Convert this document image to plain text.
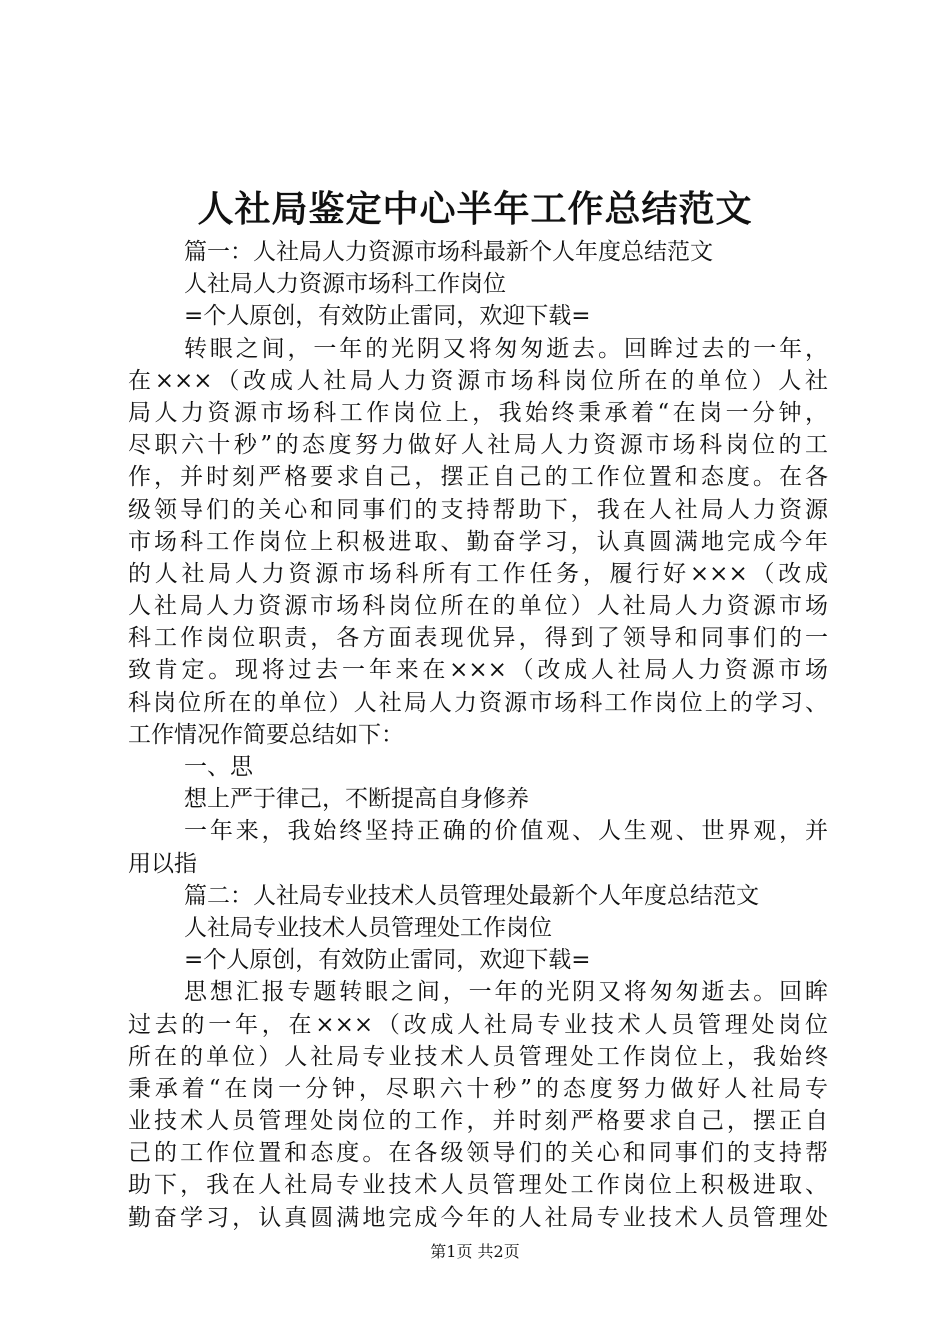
人社局鉴定中心半年工作总结范文
篇一：人社局人力资源市场科最新个人年度总结范文
人社局人力资源市场科工作岗位
=个人原创，有效防止雷同，欢迎下载=
转眼之间，一年的光阴又将匆匆逝去。回眸过去的一年，
在×××（改成人社局人力资源市场科岗位所在的单位）人社
局人力资源市场科工作岗位上，我始终秉承着“在岗一分钟，
尽职六十秒”的态度努力做好人社局人力资源市场科岗位的工
作，并时刻严格要求自己，摆正自己的工作位置和态度。在各
级领导们的关心和同事们的支持帮助下，我在人社局人力资源
市场科工作岗位上积极进取、勤奋学习，认真圆满地完成今年
的人社局人力资源市场科所有工作任务，履行好×××（改成
人社局人力资源市场科岗位所在的单位）人社局人力资源市场
科工作岗位职责，各方面表现优异，得到了领导和同事们的一
致肯定。现将过去一年来在×××（改成人社局人力资源市场
科岗位所在的单位）人社局人力资源市场科工作岗位上的学习、
工作情况作简要总结如下：
一、思
想上严于律己，不断提高自身修养
一年来，我始终坚持正确的价值观、人生观、世界观，并
用以指
篇二：人社局专业技术人员管理处最新个人年度总结范文
人社局专业技术人员管理处工作岗位
=个人原创，有效防止雷同，欢迎下载=
思想汇报专题转眼之间，一年的光阴又将匆匆逝去。回眸
过去的一年，在×××（改成人社局专业技术人员管理处岗位
所在的单位）人社局专业技术人员管理处工作岗位上，我始终
秉承着“在岗一分钟，尽职六十秒”的态度努力做好人社局专
业技术人员管理处岗位的工作，并时刻严格要求自己，摆正自
己的工作位置和态度。在各级领导们的关心和同事们的支持帮
助下，我在人社局专业技术人员管理处工作岗位上积极进取、
勤奋学习，认真圆满地完成今年的人社局专业技术人员管理处
第1页 共2页
